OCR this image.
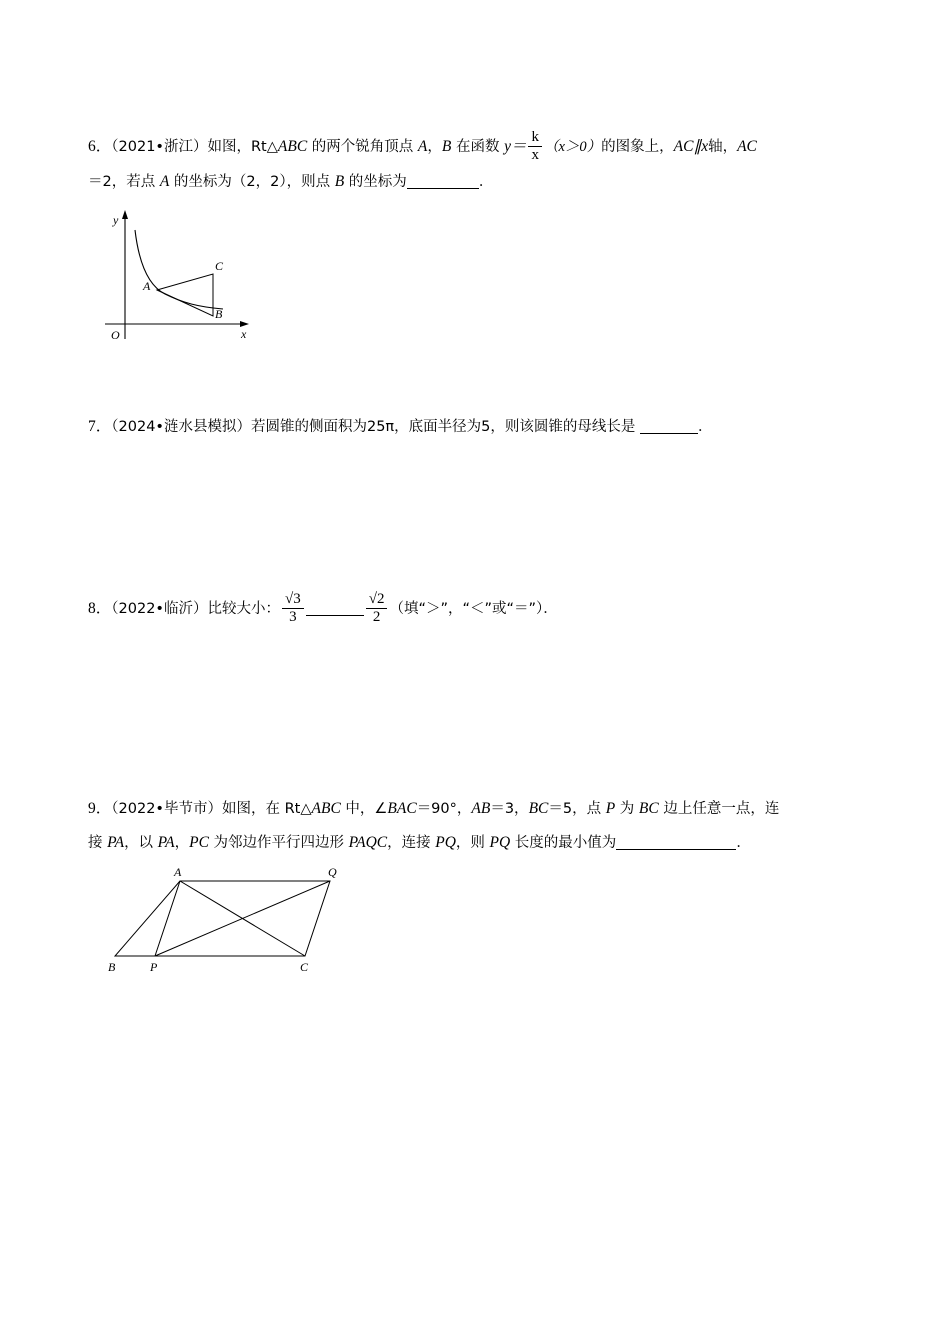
6．（2021•浙江）如图，Rt△ABC 的两个锐角顶点 A，B 在函数 $y= \frac{k}{x} (x>0)$的图象上，AC∥x轴，AC
＝2，若点 A 的坐标为（2，2），则点 B 的坐标为	．
y
x
O
A
B
C
7．（2024•涟水县模拟）若圆锥的侧面积为25π，底面半径为5，则该圆锥的母线长是	．
8．（2022•临沂）比较大小： $\frac{√3}{3}$	$\frac{√2}{2}$ （填“＞”，“＜”或“＝”）．
9．（2022•毕节市）如图，在 Rt△ABC 中，∠BAC＝90°，AB＝3，BC＝5，点 P 为 BC 边上任意一点，连
接 PA，以 PA，PC 为邻边作平行四边形 PAQC，连接 PQ，则 PQ 长度的最小值为	．
A	Q
B	P	C
